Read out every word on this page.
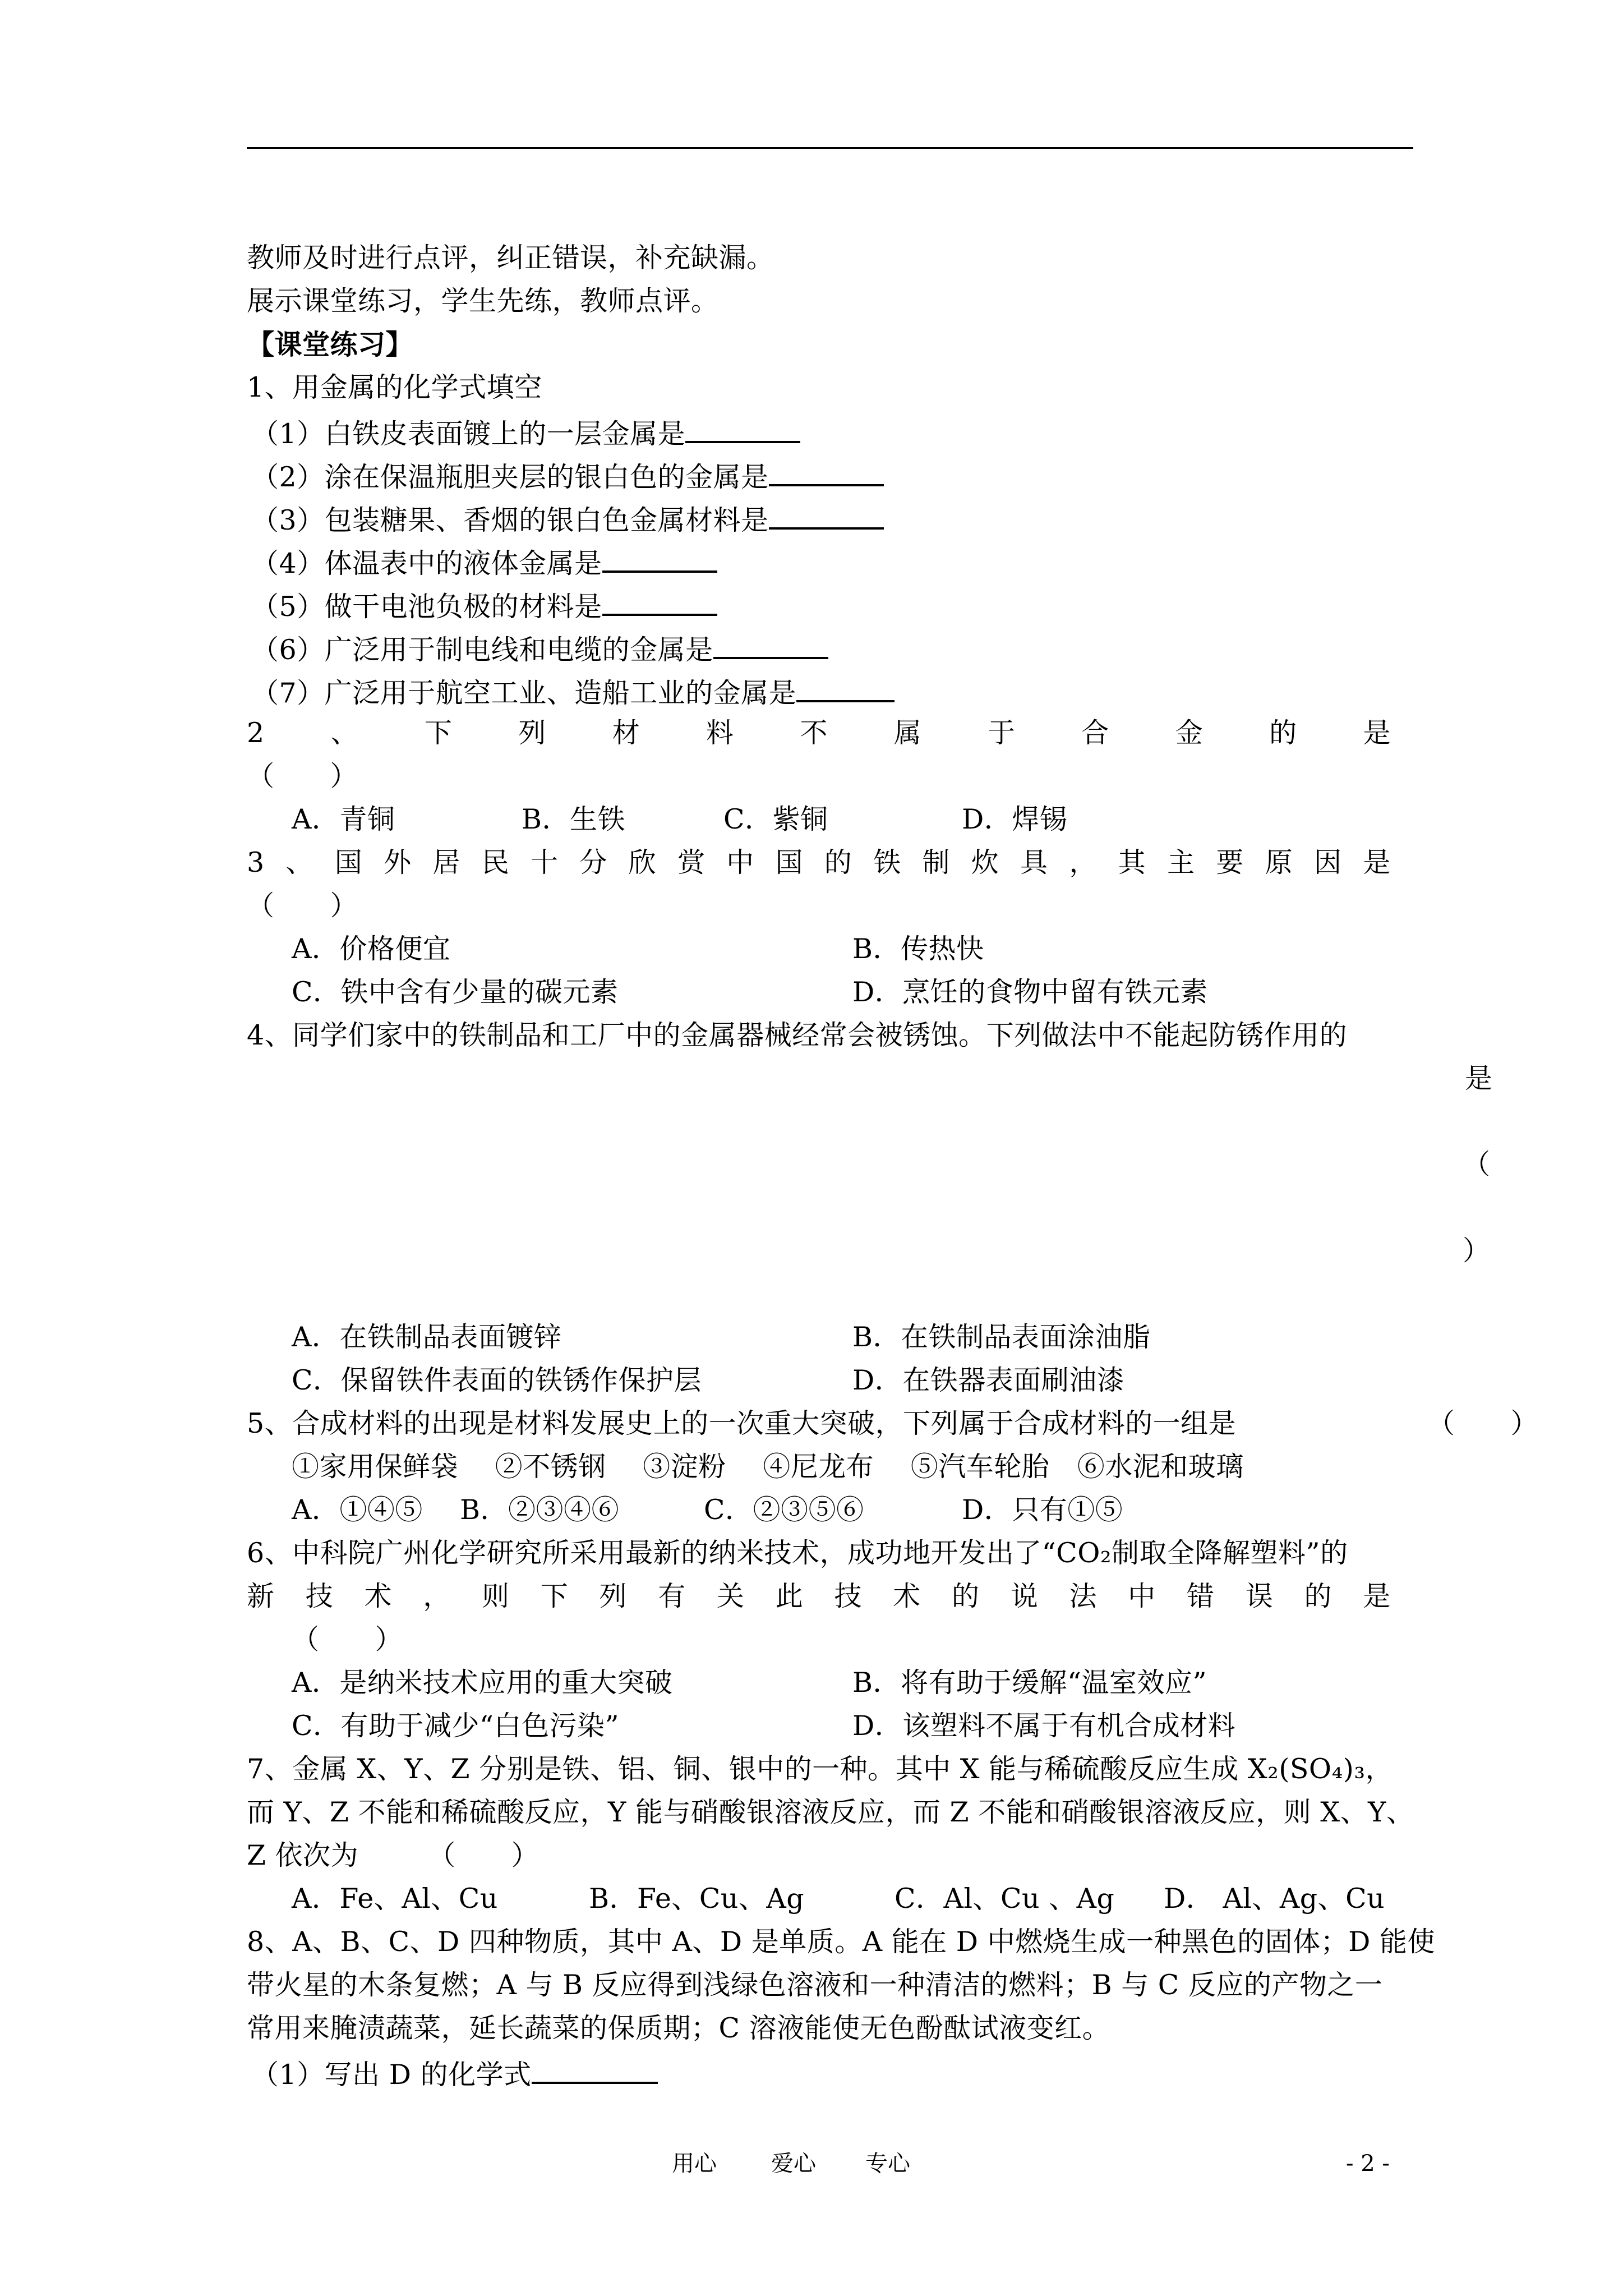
教师及时进行点评，纠正错误，补充缺漏。
展示课堂练习，学生先练，教师点评。
【课堂练习】
1、用金属的化学式填空
（1）白铁皮表面镀上的一层金属是
（2）涂在保温瓶胆夹层的银白色的金属是
（3）包装糖果、香烟的银白色金属材料是
（4）体温表中的液体金属是
（5）做干电池负极的材料是
（6）广泛用于制电线和电缆的金属是
（7）广泛用于航空工业、造船工业的金属是
2 、 下 列 材 料 不 属 于 合 金 的 是
（　　）
A．青铜	B．生铁	C．紫铜	D．焊锡
3 、 国 外 居 民 十 分 欣 赏 中 国 的 铁 制 炊 具 ， 其 主 要 原 因 是
（　　）
A．价格便宜	B．传热快
C．铁中含有少量的碳元素	D．烹饪的食物中留有铁元素
4、同学们家中的铁制品和工厂中的金属器械经常会被锈蚀。下列做法中不能起防锈作用的
是
（
）
A．在铁制品表面镀锌	B．在铁制品表面涂油脂
C．保留铁件表面的铁锈作保护层	D．在铁器表面刷油漆
5、合成材料的出现是材料发展史上的一次重大突破，下列属于合成材料的一组是	（　　）
①家用保鲜袋　 ②不锈钢　 ③淀粉　 ④尼龙布　 ⑤汽车轮胎　⑥水泥和玻璃
A．①④⑤ B．②③④⑥	C．②③⑤⑥	D．只有①⑤
6、中科院广州化学研究所采用最新的纳米技术，成功地开发出了“CO₂制取全降解塑料”的
新 技 术 ， 则 下 列 有 关 此 技 术 的 说 法 中 错 误 的 是
（　　）
A．是纳米技术应用的重大突破	B．将有助于缓解“温室效应”
C．有助于减少“白色污染”	D．该塑料不属于有机合成材料
7、金属 X、Y、Z 分别是铁、铝、铜、银中的一种。其中 X 能与稀硫酸反应生成 X₂(SO₄)₃，
而 Y、Z 不能和稀硫酸反应，Y 能与硝酸银溶液反应，而 Z 不能和硝酸银溶液反应，则 X、Y、
Z 依次为　　　（　　）
A．Fe、Al、Cu	B．Fe、Cu、Ag	C．Al、Cu 、Ag D． Al、Ag、Cu
8、A、B、C、D 四种物质，其中 A、D 是单质。A 能在 D 中燃烧生成一种黑色的固体；D 能使
带火星的木条复燃；A 与 B 反应得到浅绿色溶液和一种清洁的燃料；B 与 C 反应的产物之一
常用来腌渍蔬菜，延长蔬菜的保质期；C 溶液能使无色酚酞试液变红。
（1）写出 D 的化学式
用心 爱心 专心	- 2 -
